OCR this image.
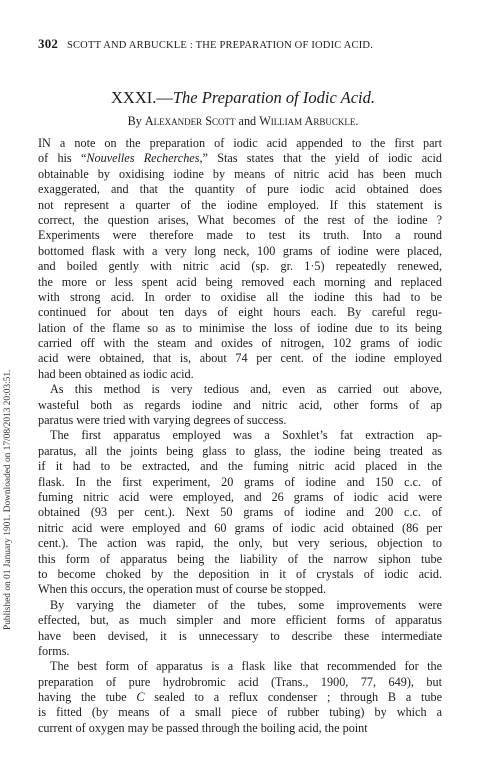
302 SCOTT AND ARBUCKLE : THE PREPARATION OF IODIC ACID.
XXXI.—The Preparation of Iodic Acid.
By Alexander Scott and William Arbuckle.
Published on 01 January 1901. Downloaded on 17/08/2013 20:03:51.
IN a note on the preparation of iodic acid appended to the first part
of his “Nouvelles Recherches,” Stas states that the yield of iodic acid
obtainable by oxidising iodine by means of nitric acid has been much
exaggerated, and that the quantity of pure iodic acid obtained does
not represent a quarter of the iodine employed. If this statement is
correct, the question arises, What becomes of the rest of the iodine ?
Experiments were therefore made to test its truth. Into a round
bottomed flask with a very long neck, 100 grams of iodine were placed,
and boiled gently with nitric acid (sp. gr. 1·5) repeatedly renewed,
the more or less spent acid being removed each morning and replaced
with strong acid. In order to oxidise all the iodine this had to be
continued for about ten days of eight hours each. By careful regu-
lation of the flame so as to minimise the loss of iodine due to its being
carried off with the steam and oxides of nitrogen, 102 grams of iodic
acid were obtained, that is, about 74 per cent. of the iodine employed
had been obtained as iodic acid.
As this method is very tedious and, even as carried out above,
wasteful both as regards iodine and nitric acid, other forms of ap
paratus were tried with varying degrees of success.
The first apparatus employed was a Soxhlet’s fat extraction ap-
paratus, all the joints being glass to glass, the iodine being treated as
if it had to be extracted, and the fuming nitric acid placed in the
flask. In the first experiment, 20 grams of iodine and 150 c.c. of
fuming nitric acid were employed, and 26 grams of iodic acid were
obtained (93 per cent.). Next 50 grams of iodine and 200 c.c. of
nitric acid were employed and 60 grams of iodic acid obtained (86 per
cent.). The action was rapid, the only, but very serious, objection to
this form of apparatus being the liability of the narrow siphon tube
to become choked by the deposition in it of crystals of iodic acid.
When this occurs, the operation must of course be stopped.
By varying the diameter of the tubes, some improvements were
effected, but, as much simpler and more efficient forms of apparatus
have been devised, it is unnecessary to describe these intermediate
forms.
The best form of apparatus is a flask like that recommended for the
preparation of pure hydrobromic acid (Trans., 1900, 77, 649), but
having the tube C sealed to a reflux condenser ; through B a tube
is fitted (by means of a small piece of rubber tubing) by which a
current of oxygen may be passed through the boiling acid, the point
